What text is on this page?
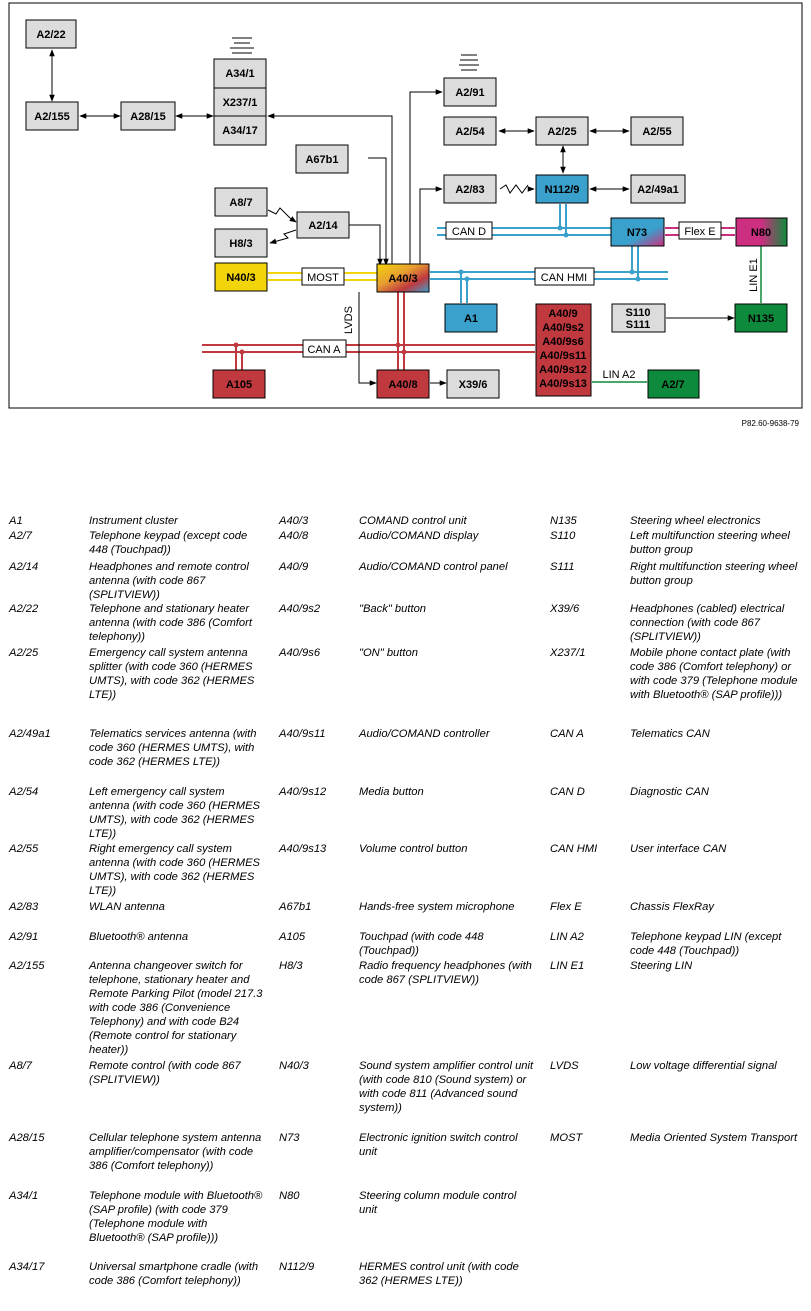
A2/22
A2/155	A28/15
A34/1
X237/1
A34/17
A2/91
A2/54	A2/25	A2/55
A67b1
A2/83	N112/9	A2/49a1
A8/7
A2/14
H8/3
N73	N80
N40/3	A40/3
A1	A40/9
A40/9s2
A40/9s6
A40/9s11
A40/9s12
A40/9s13
S110
S111	N135
A105	A40/8	X39/6	A2/7
CAN D	Flex E
MOST	CAN HMI
CAN A
LIN E1
LVDS
LIN A2
P82.60-9638-79
A1	Instrument cluster
A2/7	Telephone keypad (except code 448 (Touchpad))
A2/14	Headphones and remote control antenna (with code 867 (SPLITVIEW))
A2/22	Telephone and stationary heater antenna (with code 386 (Comfort telephony))
A2/25	Emergency call system antenna splitter (with code 360 (HERMES UMTS), with code 362 (HERMES LTE))
A2/49a1	Telematics services antenna (with code 360 (HERMES UMTS), with code 362 (HERMES LTE))
A2/54	Left emergency call system antenna (with code 360 (HERMES UMTS), with code 362 (HERMES LTE))
A2/55	Right emergency call system antenna (with code 360 (HERMES UMTS), with code 362 (HERMES LTE))
A2/83	WLAN antenna
A2/91	Bluetooth® antenna
A2/155	Antenna changeover switch for telephone, stationary heater and Remote Parking Pilot (model 217.3 with code 386 (Convenience Telephony) and with code B24 (Remote control for stationary heater))
A8/7	Remote control (with code 867 (SPLITVIEW))
A28/15	Cellular telephone system antenna amplifier/compensator (with code 386 (Comfort telephony))
A34/1	Telephone module with Bluetooth® (SAP profile) (with code 379 (Telephone module with Bluetooth® (SAP profile)))
A34/17	Universal smartphone cradle (with code 386 (Comfort telephony))
A40/3	COMAND control unit
A40/8	Audio/COMAND display
A40/9	Audio/COMAND control panel
A40/9s2	"Back" button
A40/9s6	"ON" button
A40/9s11	Audio/COMAND controller
A40/9s12	Media button
A40/9s13	Volume control button
A67b1	Hands-free system microphone
A105	Touchpad (with code 448 (Touchpad))
H8/3	Radio frequency headphones (with code 867 (SPLITVIEW))
N40/3	Sound system amplifier control unit (with code 810 (Sound system) or with code 811 (Advanced sound system))
N73	Electronic ignition switch control unit
N80	Steering column module control unit
N112/9	HERMES control unit (with code 362 (HERMES LTE))
N135	Steering wheel electronics
S110	Left multifunction steering wheel button group
S111	Right multifunction steering wheel button group
X39/6	Headphones (cabled) electrical connection (with code 867 (SPLITVIEW))
X237/1	Mobile phone contact plate (with code 386 (Comfort telephony) or with code 379 (Telephone module with Bluetooth® (SAP profile)))
CAN A	Telematics CAN
CAN D	Diagnostic CAN
CAN HMI	User interface CAN
Flex E	Chassis FlexRay
LIN A2	Telephone keypad LIN (except code 448 (Touchpad))
LIN E1	Steering LIN
LVDS	Low voltage differential signal
MOST	Media Oriented System Transport
